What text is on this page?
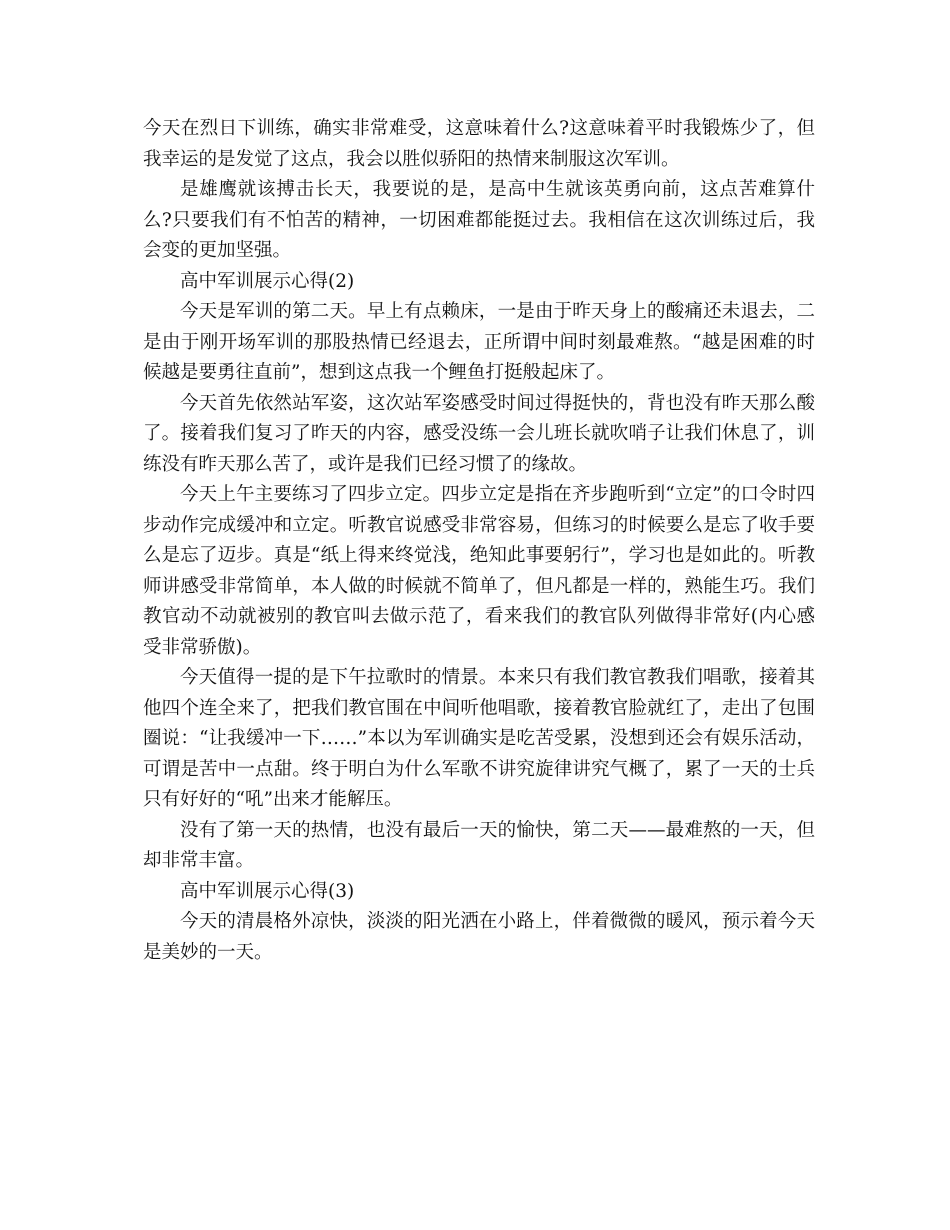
今天在烈日下训练，确实非常难受，这意味着什么?这意味着平时我锻炼少了，但我幸运的是发觉了这点，我会以胜似骄阳的热情来制服这次军训。

是雄鹰就该搏击长天，我要说的是，是高中生就该英勇向前，这点苦难算什么?只要我们有不怕苦的精神，一切困难都能挺过去。我相信在这次训练过后，我会变的更加坚强。

高中军训展示心得(2)

今天是军训的第二天。早上有点赖床，一是由于昨天身上的酸痛还未退去，二是由于刚开场军训的那股热情已经退去，正所谓中间时刻最难熬。“越是困难的时候越是要勇往直前”，想到这点我一个鲤鱼打挺般起床了。

今天首先依然站军姿，这次站军姿感受时间过得挺快的，背也没有昨天那么酸了。接着我们复习了昨天的内容，感受没练一会儿班长就吹哨子让我们休息了，训练没有昨天那么苦了，或许是我们已经习惯了的缘故。

今天上午主要练习了四步立定。四步立定是指在齐步跑听到“立定”的口令时四步动作完成缓冲和立定。听教官说感受非常容易，但练习的时候要么是忘了收手要么是忘了迈步。真是“纸上得来终觉浅，绝知此事要躬行”，学习也是如此的。听教师讲感受非常简单，本人做的时候就不简单了，但凡都是一样的，熟能生巧。我们教官动不动就被别的教官叫去做示范了，看来我们的教官队列做得非常好(内心感受非常骄傲)。

今天值得一提的是下午拉歌时的情景。本来只有我们教官教我们唱歌，接着其他四个连全来了，把我们教官围在中间听他唱歌，接着教官脸就红了，走出了包围圈说：“让我缓冲一下……”本以为军训确实是吃苦受累，没想到还会有娱乐活动，可谓是苦中一点甜。终于明白为什么军歌不讲究旋律讲究气概了，累了一天的士兵只有好好的“吼”出来才能解压。

没有了第一天的热情，也没有最后一天的愉快，第二天——最难熬的一天，但却非常丰富。

高中军训展示心得(3)

今天的清晨格外凉快，淡淡的阳光洒在小路上，伴着微微的暖风，预示着今天是美妙的一天。
